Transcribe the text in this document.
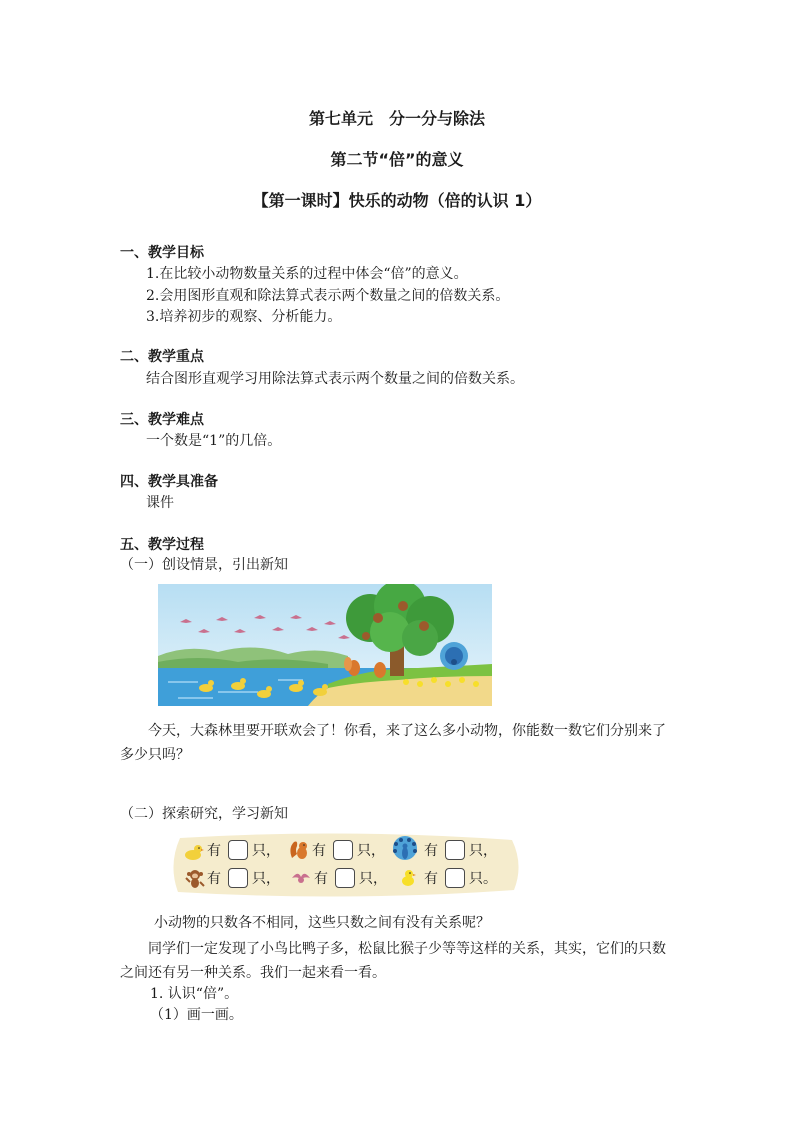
第七单元　分一分与除法
第二节“倍”的意义
【第一课时】快乐的动物（倍的认识 1）
一、教学目标
1.在比较小动物数量关系的过程中体会“倍”的意义。
2.会用图形直观和除法算式表示两个数量之间的倍数关系。
3.培养初步的观察、分析能力。
二、教学重点
结合图形直观学习用除法算式表示两个数量之间的倍数关系。
三、教学难点
一个数是“1”的几倍。
四、教学具准备
课件
五、教学过程
（一）创设情景，引出新知
今天，大森林里要开联欢会了！你看，来了这么多小动物，你能数一数它们分别来了多少只吗？
（二）探索研究，学习新知
有 只， 有 只，	有 只，
有 只， 有 只，	有 只。
小动物的只数各不相同，这些只数之间有没有关系呢？
同学们一定发现了小鸟比鸭子多，松鼠比猴子少等等这样的关系，其实，它们的只数之间还有另一种关系。我们一起来看一看。
1. 认识“倍”。
（1）画一画。
